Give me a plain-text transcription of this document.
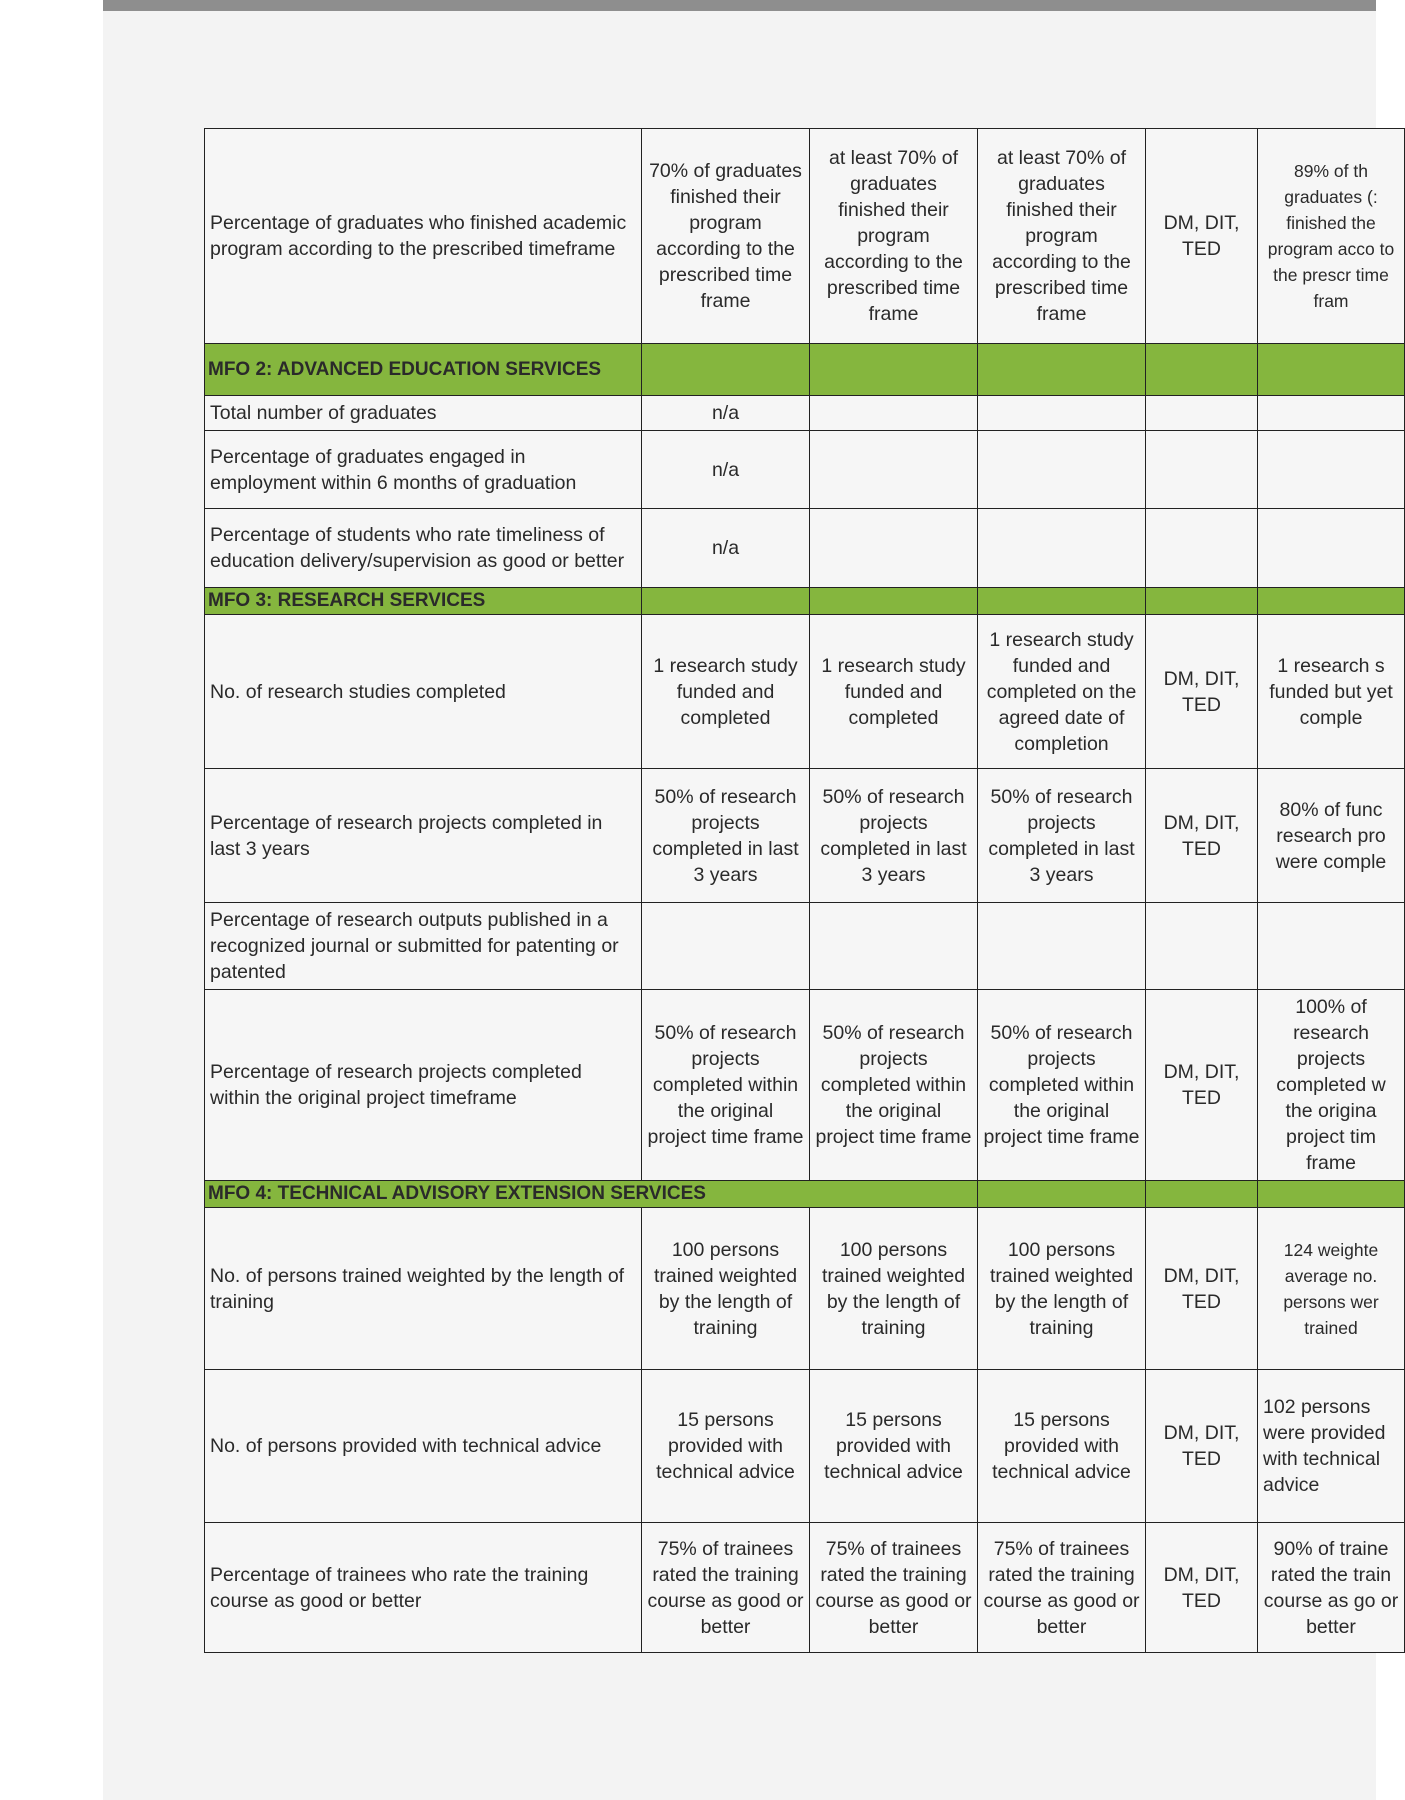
Percentage of graduates who finished academic program according to the prescribed timeframe	70% of graduates finished their program according to the prescribed time frame	at least 70% of graduates finished their program according to the prescribed time frame	at least 70% of graduates finished their program according to the prescribed time frame	DM, DIT, TED	89% of th graduates (: finished the program acco to the prescr time fram
MFO 2: ADVANCED EDUCATION SERVICES					
Total number of graduates	n/a				
Percentage of graduates engaged in employment within 6 months of graduation	n/a				
Percentage of students who rate timeliness of education delivery/supervision as good or better	n/a				
MFO 3: RESEARCH SERVICES					
No. of research studies completed	1 research study funded and completed	1 research study funded and completed	1 research study funded and completed on the agreed date of completion	DM, DIT, TED	1 research s funded but yet comple
Percentage of research projects completed in last 3 years	50% of research projects completed in last 3 years	50% of research projects completed in last 3 years	50% of research projects completed in last 3 years	DM, DIT, TED	80% of func research pro were comple
Percentage of research outputs published in a recognized journal or submitted for patenting or patented					
Percentage of research projects completed within the original project timeframe	50% of research projects completed within the original project time frame	50% of research projects completed within the original project time frame	50% of research projects completed within the original project time frame	DM, DIT, TED	100% of research projects completed w the origina project tim frame
MFO 4: TECHNICAL ADVISORY EXTENSION SERVICES					
No. of persons trained weighted by the length of training	100 persons trained weighted by the length of training	100 persons trained weighted by the length of training	100 persons trained weighted by the length of training	DM, DIT, TED	124 weighte average no. persons wer trained
No. of persons provided with technical advice	15 persons provided with technical advice	15 persons provided with technical advice	15 persons provided with technical advice	DM, DIT, TED	102 persons were provided with technical advice
Percentage of trainees who rate the training course as good or better	75% of trainees rated the training course as good or better	75% of trainees rated the training course as good or better	75% of trainees rated the training course as good or better	DM, DIT, TED	90% of traine rated the train course as go or better
